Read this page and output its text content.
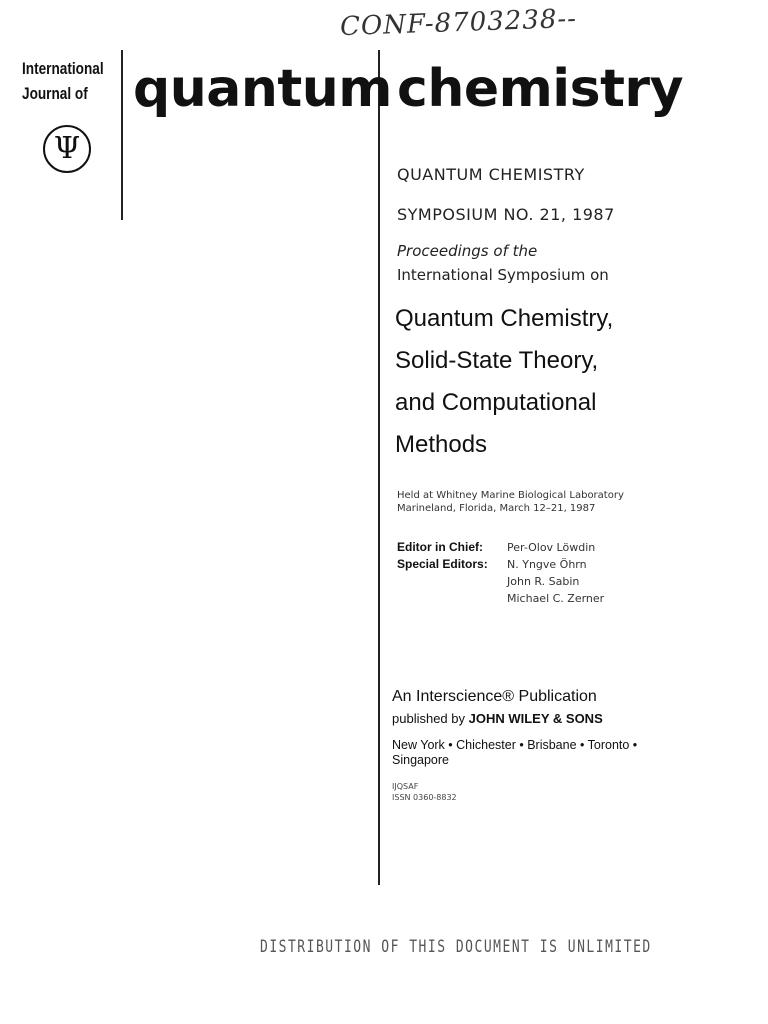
CONF-8703238--
International
Journal of
Ψ
quantum chemistry
QUANTUM CHEMISTRY
SYMPOSIUM NO. 21, 1987
Proceedings of the
International Symposium on
Quantum Chemistry,
Solid-State Theory,
and Computational
Methods
Held at Whitney Marine Biological Laboratory
Marineland, Florida, March 12–21, 1987
Editor in Chief: Per-Olov Löwdin
Special Editors: N. Yngve Öhrn
John R. Sabin
Michael C. Zerner
An Interscience® Publication
published by JOHN WILEY & SONS
New York • Chichester • Brisbane • Toronto • Singapore
IJQSAF
ISSN 0360-8832
DISTRIBUTION OF THIS DOCUMENT IS UNLIMITED
